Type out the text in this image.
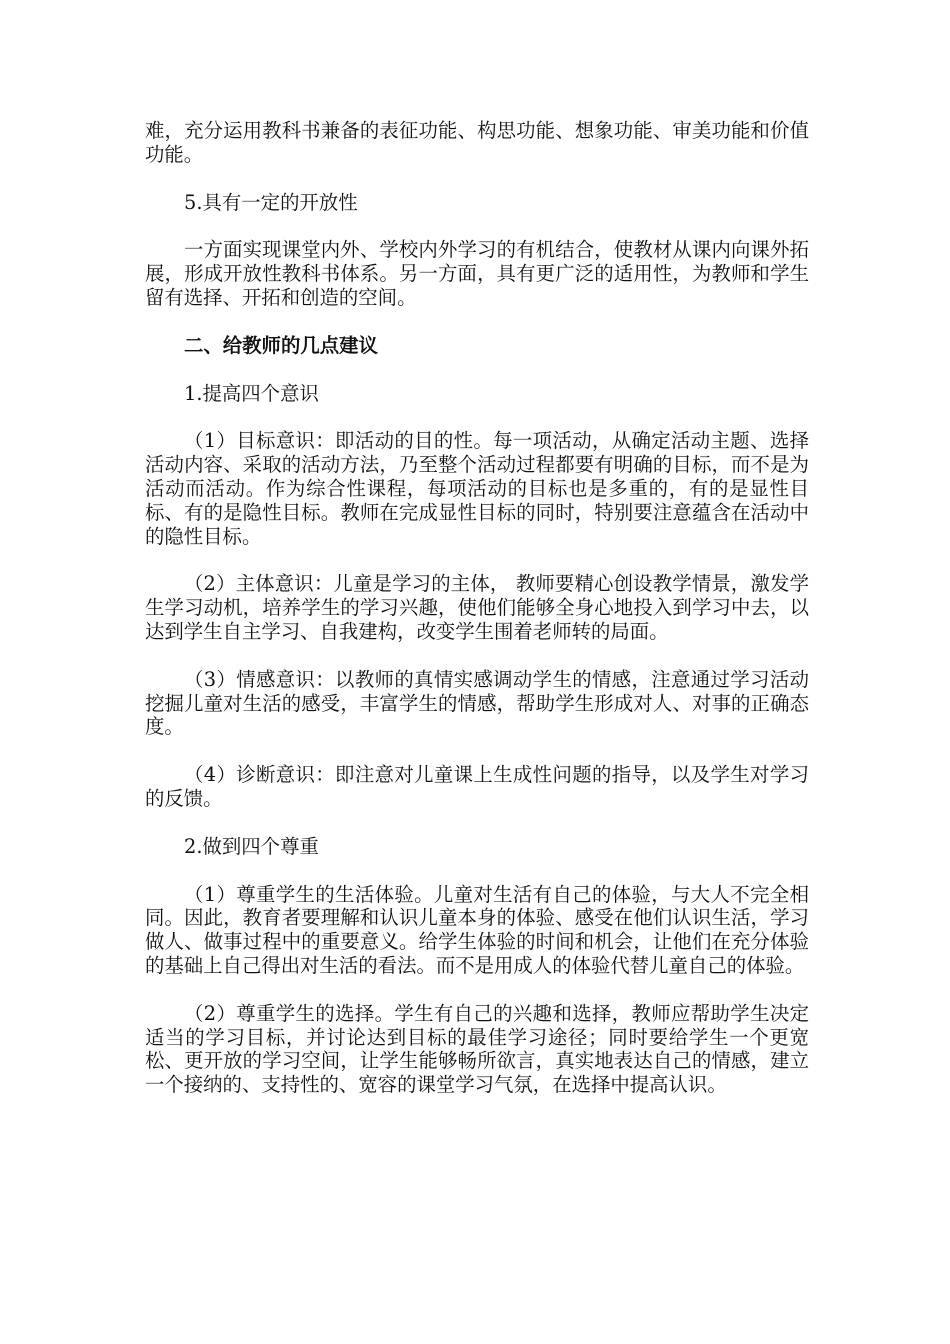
难，充分运用教科书兼备的表征功能、构思功能、想象功能、审美功能和价值功能。

5.具有一定的开放性

一方面实现课堂内外、学校内外学习的有机结合，使教材从课内向课外拓展，形成开放性教科书体系。另一方面，具有更广泛的适用性，为教师和学生留有选择、开拓和创造的空间。

二、给教师的几点建议

1.提高四个意识

（1）目标意识：即活动的目的性。每一项活动，从确定活动主题、选择活动内容、采取的活动方法，乃至整个活动过程都要有明确的目标，而不是为活动而活动。作为综合性课程，每项活动的目标也是多重的，有的是显性目标、有的是隐性目标。教师在完成显性目标的同时，特别要注意蕴含在活动中的隐性目标。

（2）主体意识：儿童是学习的主体， 教师要精心创设教学情景，激发学生学习动机，培养学生的学习兴趣，使他们能够全身心地投入到学习中去，以达到学生自主学习、自我建构，改变学生围着老师转的局面。

（3）情感意识：以教师的真情实感调动学生的情感，注意通过学习活动挖掘儿童对生活的感受，丰富学生的情感，帮助学生形成对人、对事的正确态度。

（4）诊断意识：即注意对儿童课上生成性问题的指导，以及学生对学习的反馈。

2.做到四个尊重

（1）尊重学生的生活体验。儿童对生活有自己的体验，与大人不完全相同。因此，教育者要理解和认识儿童本身的体验、感受在他们认识生活，学习做人、做事过程中的重要意义。给学生体验的时间和机会，让他们在充分体验的基础上自己得出对生活的看法。而不是用成人的体验代替儿童自己的体验。

（2）尊重学生的选择。学生有自己的兴趣和选择，教师应帮助学生决定适当的学习目标，并讨论达到目标的最佳学习途径；同时要给学生一个更宽松、更开放的学习空间，让学生能够畅所欲言，真实地表达自己的情感，建立一个接纳的、支持性的、宽容的课堂学习气氛，在选择中提高认识。
